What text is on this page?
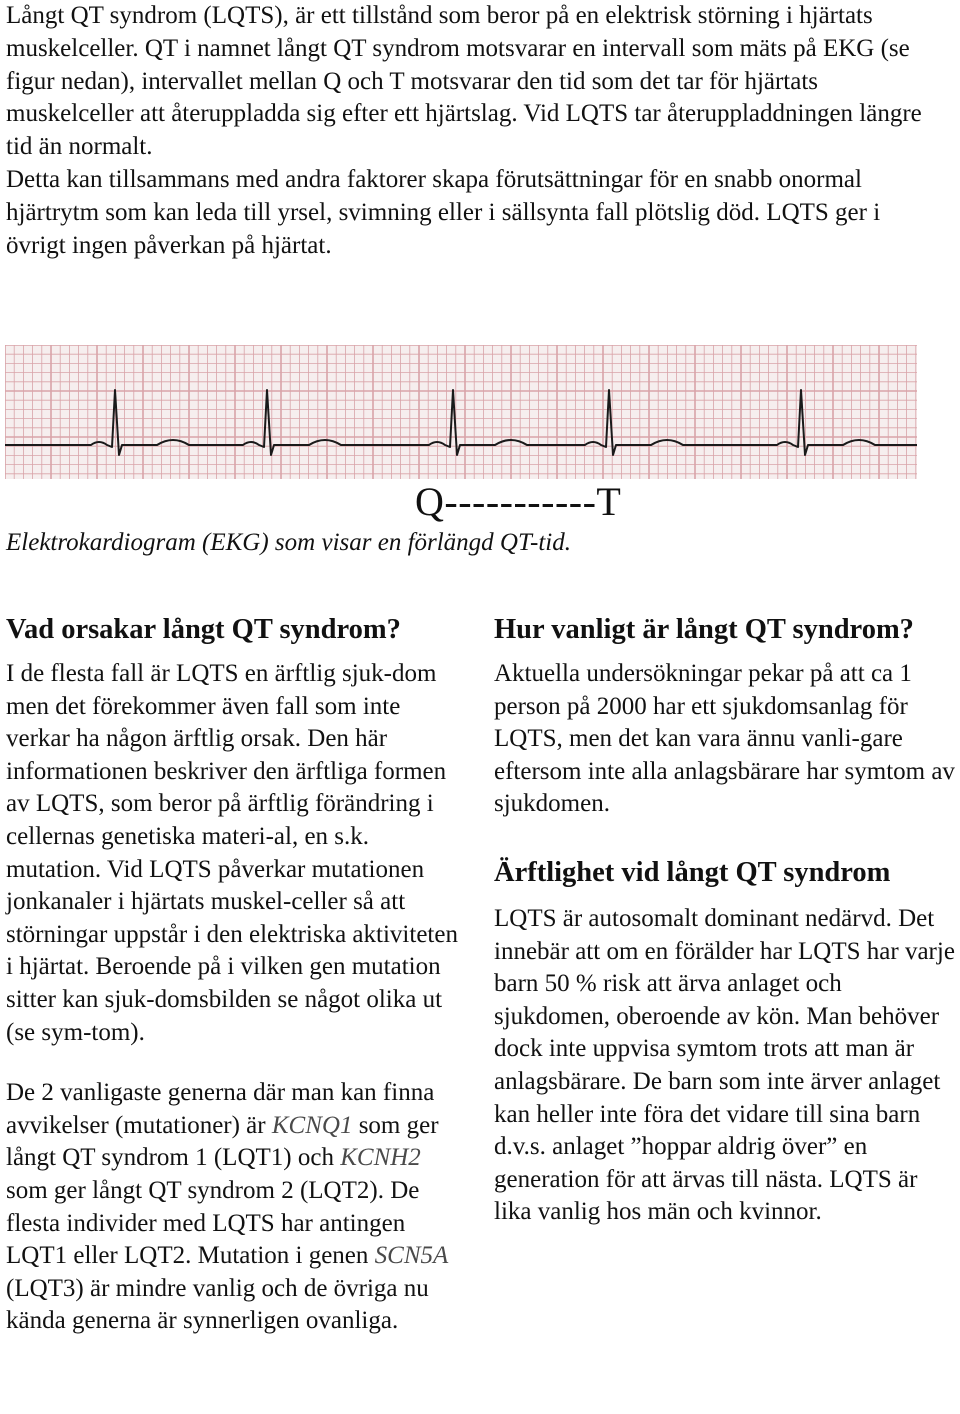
Långt QT syndrom (LQTS), är ett tillstånd som beror på en elektrisk störning i hjärtats muskelceller. QT i namnet långt QT syndrom motsvarar en intervall som mäts på EKG (se figur nedan), intervallet mellan Q och T motsvarar den tid som det tar för hjärtats muskelceller att återuppladda sig efter ett hjärtslag. Vid LQTS tar återuppladdningen längre tid än normalt.

Detta kan tillsammans med andra faktorer skapa förutsättningar för en snabb onormal hjärtrytm som kan leda till yrsel, svimning eller i sällsynta fall plötslig död. LQTS ger i övrigt ingen påverkan på hjärtat.

Q-----------T
Elektrokardiogram (EKG) som visar en förlängd QT-tid.
Vad orsakar långt QT syndrom?

I de flesta fall är LQTS en ärftlig sjuk-dom men det förekommer även fall som inte verkar ha någon ärftlig orsak. Den här informationen beskriver den ärftliga formen av LQTS, som beror på ärftlig förändring i cellernas genetiska materi-al, en s.k. mutation. Vid LQTS påverkar mutationen jonkanaler i hjärtats muskel-celler så att störningar uppstår i den elektriska aktiviteten i hjärtat. Beroende på i vilken gen mutation sitter kan sjuk-domsbilden se något olika ut (se sym-tom).

De 2 vanligaste generna där man kan finna avvikelser (mutationer) är KCNQ1 som ger långt QT syndrom 1 (LQT1) och KCNH2 som ger långt QT syndrom 2 (LQT2). De flesta individer med LQTS har antingen LQT1 eller LQT2. Mutation i genen SCN5A (LQT3) är mindre vanlig och de övriga nu kända generna är synnerligen ovanliga.

Hur vanligt är långt QT syndrom?

Aktuella undersökningar pekar på att ca 1 person på 2000 har ett sjukdomsanlag för LQTS, men det kan vara ännu vanli-gare eftersom inte alla anlagsbärare har symtom av sjukdomen.

Ärftlighet vid långt QT syndrom

LQTS är autosomalt dominant nedärvd. Det innebär att om en förälder har LQTS har varje barn 50 % risk att ärva anlaget och sjukdomen, oberoende av kön. Man behöver dock inte uppvisa symtom trots att man är anlagsbärare. De barn som inte ärver anlaget kan heller inte föra det vidare till sina barn d.v.s. anlaget ”hoppar aldrig över” en generation för att ärvas till nästa. LQTS är lika vanlig hos män och kvinnor.
